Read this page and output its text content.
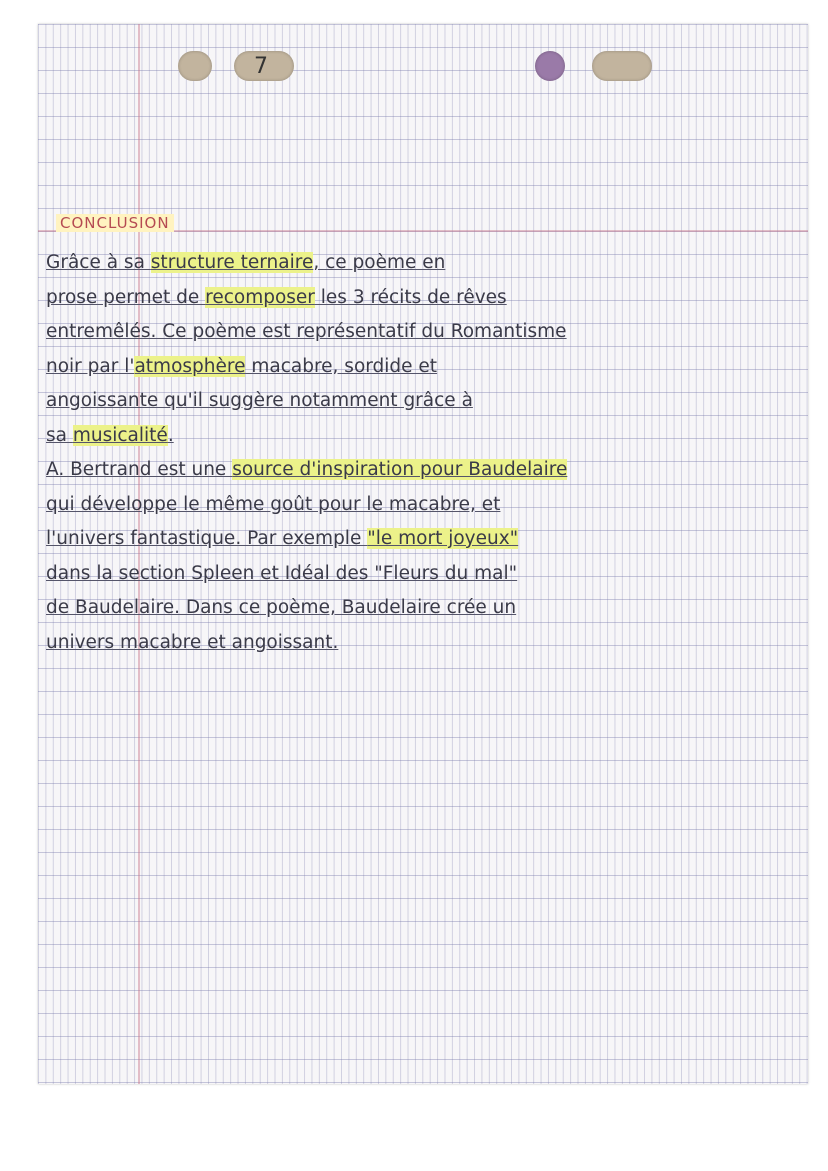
7
CONCLUSION
Grâce à sa structure ternaire, ce poème en
prose permet de recomposer les 3 récits de rêves
entremêlés. Ce poème est représentatif du Romantisme
noir par l'atmosphère macabre, sordide et
angoissante qu'il suggère notamment grâce à
sa musicalité.
A. Bertrand est une source d'inspiration pour Baudelaire
qui développe le même goût pour le macabre, et
l'univers fantastique. Par exemple "le mort joyeux"
dans la section Spleen et Idéal des "Fleurs du mal"
de Baudelaire. Dans ce poème, Baudelaire crée un
univers macabre et angoissant.
